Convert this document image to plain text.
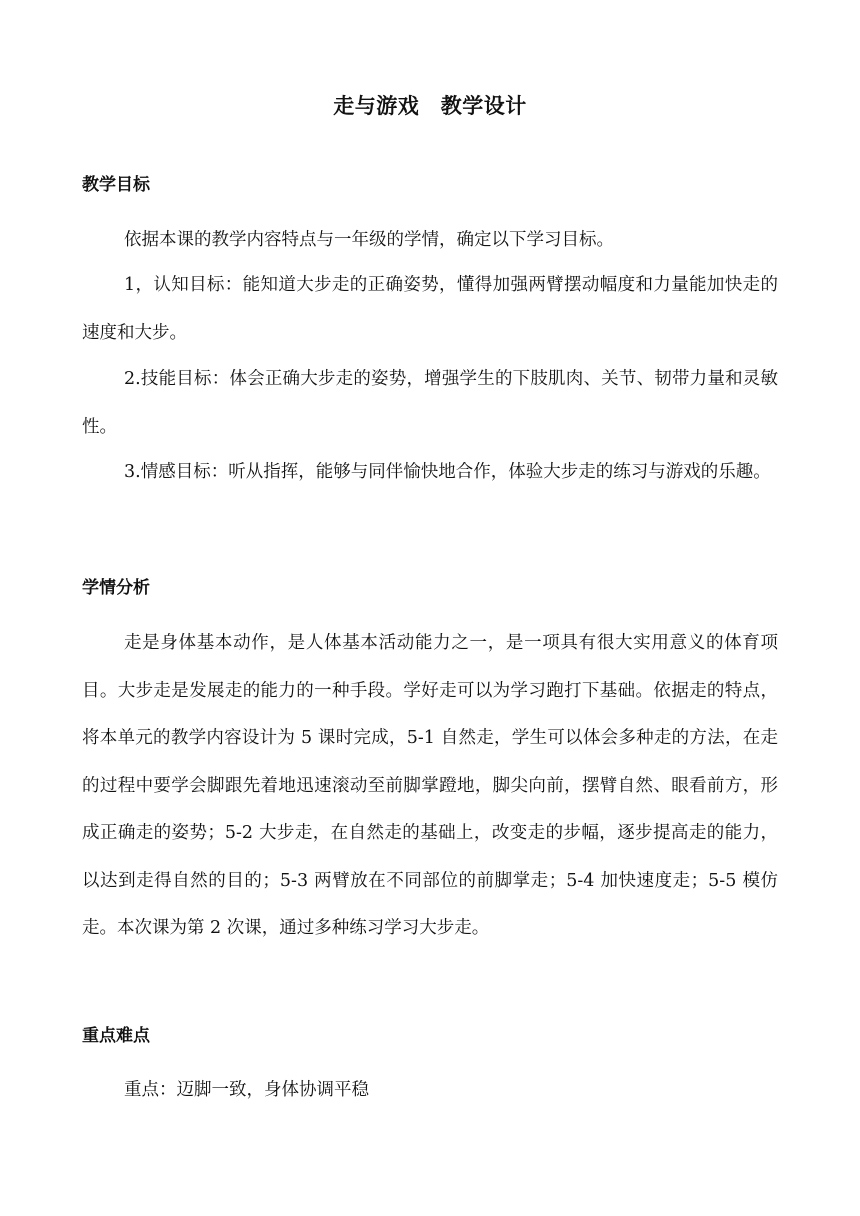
走与游戏　教学设计
教学目标
依据本课的教学内容特点与一年级的学情，确定以下学习目标。
1，认知目标：能知道大步走的正确姿势，懂得加强两臂摆动幅度和力量能加快走的速度和大步。
2.技能目标：体会正确大步走的姿势，增强学生的下肢肌肉、关节、韧带力量和灵敏性。
3.情感目标：听从指挥，能够与同伴愉快地合作，体验大步走的练习与游戏的乐趣。
学情分析
走是身体基本动作，是人体基本活动能力之一，是一项具有很大实用意义的体育项目。大步走是发展走的能力的一种手段。学好走可以为学习跑打下基础。依据走的特点，将本单元的教学内容设计为 5 课时完成，5-1 自然走，学生可以体会多种走的方法，在走的过程中要学会脚跟先着地迅速滚动至前脚掌蹬地，脚尖向前，摆臂自然、眼看前方，形成正确走的姿势；5-2 大步走，在自然走的基础上，改变走的步幅，逐步提高走的能力，以达到走得自然的目的；5-3 两臂放在不同部位的前脚掌走；5-4 加快速度走；5-5 模仿走。本次课为第 2 次课，通过多种练习学习大步走。
重点难点
重点：迈脚一致，身体协调平稳
